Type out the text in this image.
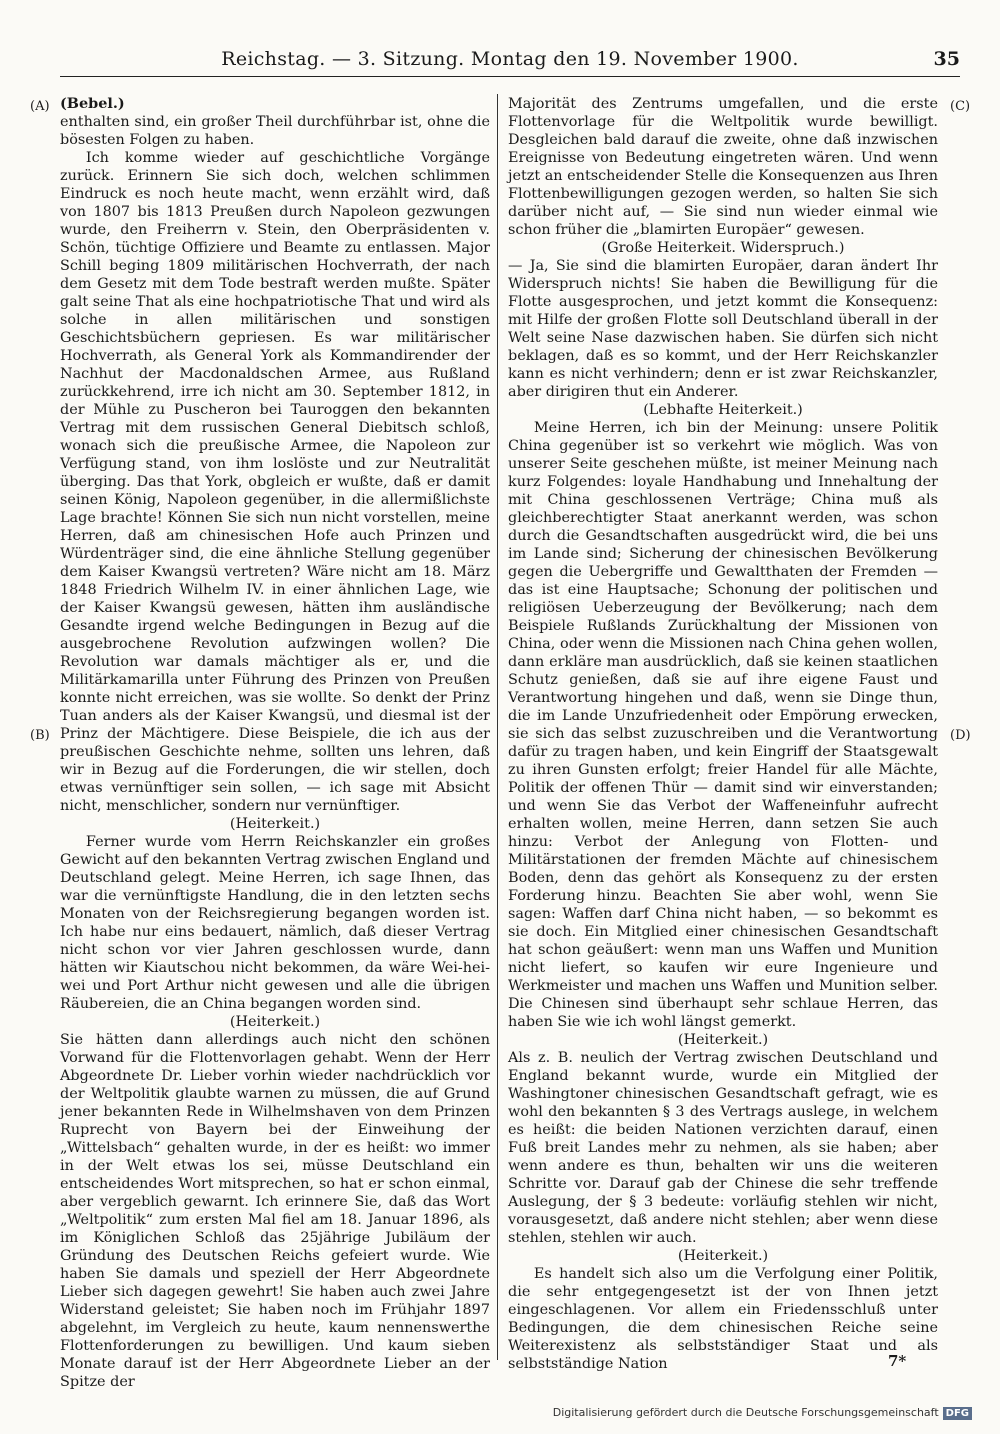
Reichstag. — 3. Sitzung. Montag den 19. November 1900.	35
(A)
(B)
(C)
(D)

(Bebel.)

enthalten sind, ein großer Theil durchführbar ist, ohne die bösesten Folgen zu haben.

Ich komme wieder auf geschichtliche Vorgänge zurück. Erinnern Sie sich doch, welchen schlimmen Eindruck es noch heute macht, wenn erzählt wird, daß von 1807 bis 1813 Preußen durch Napoleon gezwungen wurde, den Freiherrn v. Stein, den Oberpräsidenten v. Schön, tüchtige Offiziere und Beamte zu entlassen. Major Schill beging 1809 militärischen Hochverrath, der nach dem Gesetz mit dem Tode bestraft werden mußte. Später galt seine That als eine hochpatriotische That und wird als solche in allen militärischen und sonstigen Geschichtsbüchern gepriesen. Es war militärischer Hochverrath, als General York als Kommandirender der Nachhut der Macdonaldschen Armee, aus Rußland zurückkehrend, irre ich nicht am 30. September 1812, in der Mühle zu Puscheron bei Tauroggen den bekannten Vertrag mit dem russischen General Diebitsch schloß, wonach sich die preußische Armee, die Napoleon zur Verfügung stand, von ihm loslöste und zur Neutralität überging. Das that York, obgleich er wußte, daß er damit seinen König, Napoleon gegenüber, in die allermißlichste Lage brachte! Können Sie sich nun nicht vorstellen, meine Herren, daß am chinesischen Hofe auch Prinzen und Würdenträger sind, die eine ähnliche Stellung gegenüber dem Kaiser Kwangsü vertreten? Wäre nicht am 18. März 1848 Friedrich Wilhelm IV. in einer ähnlichen Lage, wie der Kaiser Kwangsü gewesen, hätten ihm ausländische Gesandte irgend welche Bedingungen in Bezug auf die ausgebrochene Revolution aufzwingen wollen? Die Revolution war damals mächtiger als er, und die Militärkamarilla unter Führung des Prinzen von Preußen konnte nicht erreichen, was sie wollte. So denkt der Prinz Tuan anders als der Kaiser Kwangsü, und diesmal ist der Prinz der Mächtigere. Diese Beispiele, die ich aus der preußischen Geschichte nehme, sollten uns lehren, daß wir in Bezug auf die Forderungen, die wir stellen, doch etwas vernünftiger sein sollen, — ich sage mit Absicht nicht, menschlicher, sondern nur vernünftiger.

(Heiterkeit.)

Ferner wurde vom Herrn Reichskanzler ein großes Gewicht auf den bekannten Vertrag zwischen England und Deutschland gelegt. Meine Herren, ich sage Ihnen, das war die vernünftigste Handlung, die in den letzten sechs Monaten von der Reichsregierung begangen worden ist. Ich habe nur eins bedauert, nämlich, daß dieser Vertrag nicht schon vor vier Jahren geschlossen wurde, dann hätten wir Kiautschou nicht bekommen, da wäre Wei-hei-wei und Port Arthur nicht gewesen und alle die übrigen Räubereien, die an China begangen worden sind.

(Heiterkeit.)

Sie hätten dann allerdings auch nicht den schönen Vorwand für die Flottenvorlagen gehabt. Wenn der Herr Abgeordnete Dr. Lieber vorhin wieder nachdrücklich vor der Weltpolitik glaubte warnen zu müssen, die auf Grund jener bekannten Rede in Wilhelmshaven von dem Prinzen Ruprecht von Bayern bei der Einweihung der „Wittelsbach“ gehalten wurde, in der es heißt: wo immer in der Welt etwas los sei, müsse Deutschland ein entscheidendes Wort mitsprechen, so hat er schon einmal, aber vergeblich gewarnt. Ich erinnere Sie, daß das Wort „Weltpolitik“ zum ersten Mal fiel am 18. Januar 1896, als im Königlichen Schloß das 25jährige Jubiläum der Gründung des Deutschen Reichs gefeiert wurde. Wie haben Sie damals und speziell der Herr Abgeordnete Lieber sich dagegen gewehrt! Sie haben auch zwei Jahre Widerstand geleistet; Sie haben noch im Frühjahr 1897 abgelehnt, im Vergleich zu heute, kaum nennenswerthe Flottenforderungen zu bewilligen. Und kaum sieben Monate darauf ist der Herr Abgeordnete Lieber an der Spitze der

Majorität des Zentrums umgefallen, und die erste Flottenvorlage für die Weltpolitik wurde bewilligt. Desgleichen bald darauf die zweite, ohne daß inzwischen Ereignisse von Bedeutung eingetreten wären. Und wenn jetzt an entscheidender Stelle die Konsequenzen aus Ihren Flottenbewilligungen gezogen werden, so halten Sie sich darüber nicht auf, — Sie sind nun wieder einmal wie schon früher die „blamirten Europäer“ gewesen.

(Große Heiterkeit. Widerspruch.)

— Ja, Sie sind die blamirten Europäer, daran ändert Ihr Widerspruch nichts! Sie haben die Bewilligung für die Flotte ausgesprochen, und jetzt kommt die Konsequenz: mit Hilfe der großen Flotte soll Deutschland überall in der Welt seine Nase dazwischen haben. Sie dürfen sich nicht beklagen, daß es so kommt, und der Herr Reichskanzler kann es nicht verhindern; denn er ist zwar Reichskanzler, aber dirigiren thut ein Anderer.

(Lebhafte Heiterkeit.)

Meine Herren, ich bin der Meinung: unsere Politik China gegenüber ist so verkehrt wie möglich. Was von unserer Seite geschehen müßte, ist meiner Meinung nach kurz Folgendes: loyale Handhabung und Innehaltung der mit China geschlossenen Verträge; China muß als gleichberechtigter Staat anerkannt werden, was schon durch die Gesandtschaften ausgedrückt wird, die bei uns im Lande sind; Sicherung der chinesischen Bevölkerung gegen die Uebergriffe und Gewaltthaten der Fremden — das ist eine Hauptsache; Schonung der politischen und religiösen Ueberzeugung der Bevölkerung; nach dem Beispiele Rußlands Zurückhaltung der Missionen von China, oder wenn die Missionen nach China gehen wollen, dann erkläre man ausdrücklich, daß sie keinen staatlichen Schutz genießen, daß sie auf ihre eigene Faust und Verantwortung hingehen und daß, wenn sie Dinge thun, die im Lande Unzufriedenheit oder Empörung erwecken, sie sich das selbst zuzuschreiben und die Verantwortung dafür zu tragen haben, und kein Eingriff der Staatsgewalt zu ihren Gunsten erfolgt; freier Handel für alle Mächte, Politik der offenen Thür — damit sind wir einverstanden; und wenn Sie das Verbot der Waffeneinfuhr aufrecht erhalten wollen, meine Herren, dann setzen Sie auch hinzu: Verbot der Anlegung von Flotten- und Militärstationen der fremden Mächte auf chinesischem Boden, denn das gehört als Konsequenz zu der ersten Forderung hinzu. Beachten Sie aber wohl, wenn Sie sagen: Waffen darf China nicht haben, — so bekommt es sie doch. Ein Mitglied einer chinesischen Gesandtschaft hat schon geäußert: wenn man uns Waffen und Munition nicht liefert, so kaufen wir eure Ingenieure und Werkmeister und machen uns Waffen und Munition selber. Die Chinesen sind überhaupt sehr schlaue Herren, das haben Sie wie ich wohl längst gemerkt.

(Heiterkeit.)

Als z. B. neulich der Vertrag zwischen Deutschland und England bekannt wurde, wurde ein Mitglied der Washingtoner chinesischen Gesandtschaft gefragt, wie es wohl den bekannten § 3 des Vertrags auslege, in welchem es heißt: die beiden Nationen verzichten darauf, einen Fuß breit Landes mehr zu nehmen, als sie haben; aber wenn andere es thun, behalten wir uns die weiteren Schritte vor. Darauf gab der Chinese die sehr treffende Auslegung, der § 3 bedeute: vorläufig stehlen wir nicht, vorausgesetzt, daß andere nicht stehlen; aber wenn diese stehlen, stehlen wir auch.

(Heiterkeit.)

Es handelt sich also um die Verfolgung einer Politik, die sehr entgegengesetzt ist der von Ihnen jetzt eingeschlagenen. Vor allem ein Friedensschluß unter Bedingungen, die dem chinesischen Reiche seine Weiterexistenz als selbstständiger Staat und als selbstständige Nation	7*
Digitalisierung gefördert durch die Deutsche Forschungsgemeinschaft DFG
